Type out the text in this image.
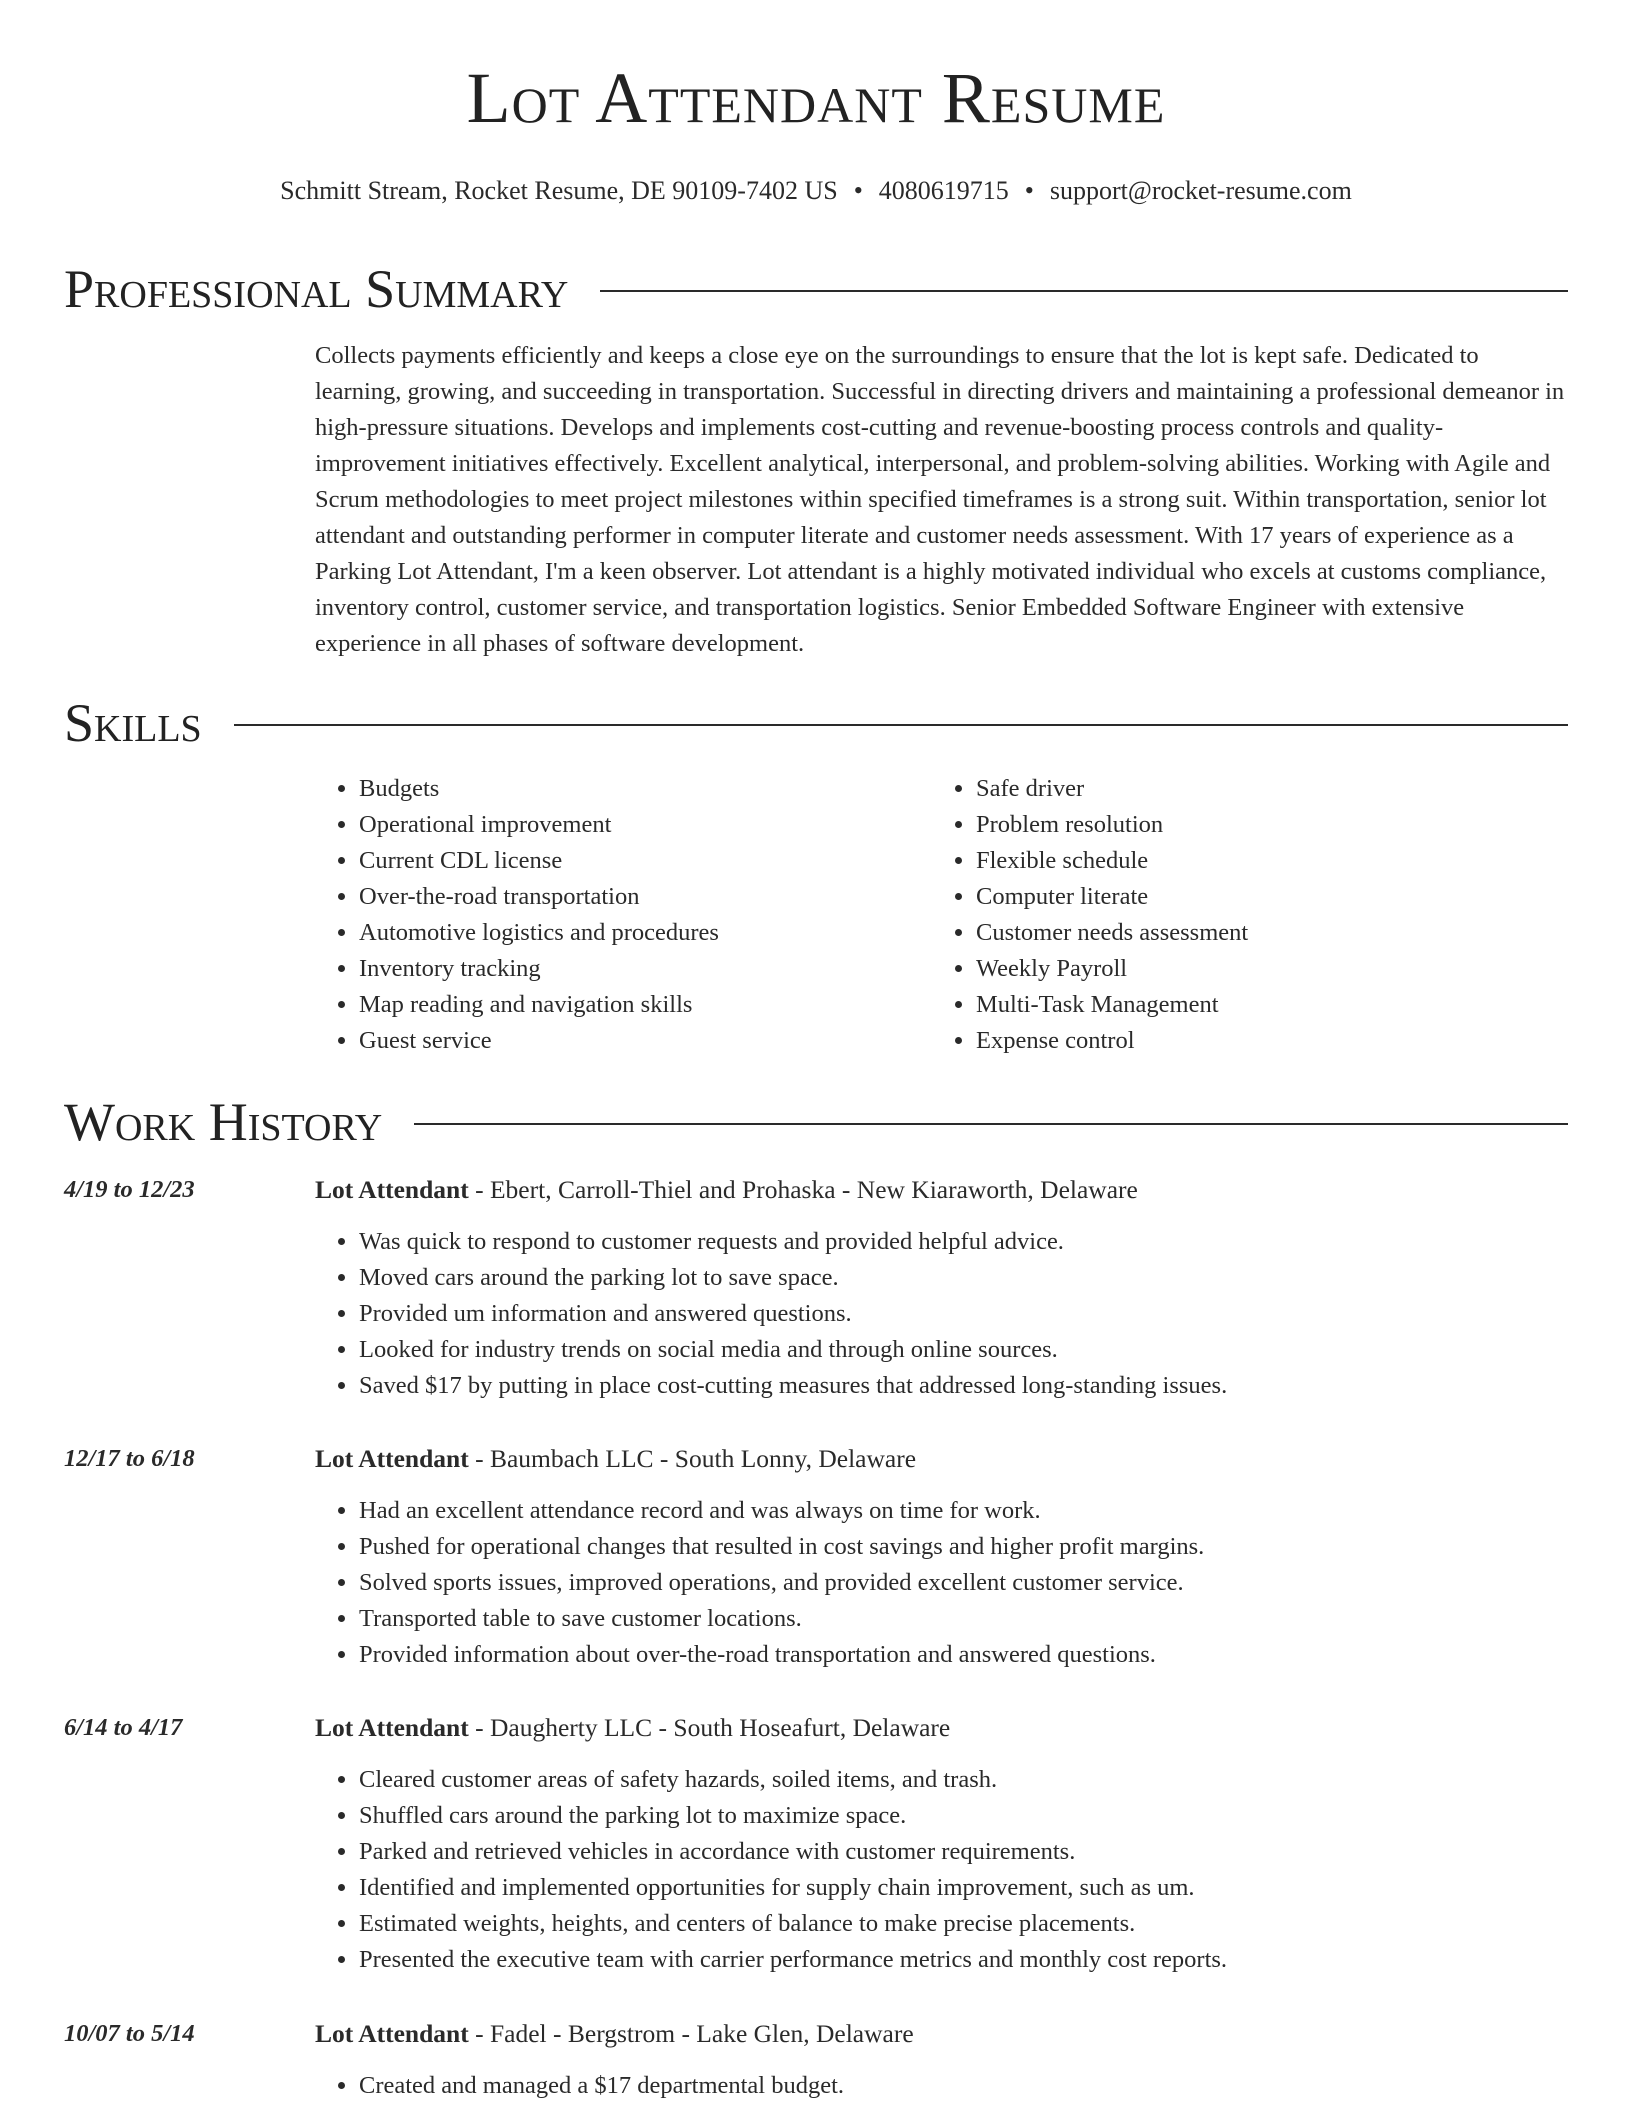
Lot Attendant Resume
Schmitt Stream, Rocket Resume, DE 90109-7402 US • 4080619715 • support@rocket-resume.com
Professional Summary

Collects payments efficiently and keeps a close eye on the surroundings to ensure that the lot is kept safe. Dedicated to learning, growing, and succeeding in transportation. Successful in directing drivers and maintaining a professional demeanor in high-pressure situations. Develops and implements cost-cutting and revenue-boosting process controls and quality-improvement initiatives effectively. Excellent analytical, interpersonal, and problem-solving abilities. Working with Agile and Scrum methodologies to meet project milestones within specified timeframes is a strong suit. Within transportation, senior lot attendant and outstanding performer in computer literate and customer needs assessment. With 17 years of experience as a Parking Lot Attendant, I'm a keen observer. Lot attendant is a highly motivated individual who excels at customs compliance, inventory control, customer service, and transportation logistics. Senior Embedded Software Engineer with extensive experience in all phases of software development.

Skills
• Budgets
• Operational improvement
• Current CDL license
• Over-the-road transportation
• Automotive logistics and procedures
• Inventory tracking
• Map reading and navigation skills
• Guest service
• Safe driver
• Problem resolution
• Flexible schedule
• Computer literate
• Customer needs assessment
• Weekly Payroll
• Multi-Task Management
• Expense control
Work History
4/19 to 12/23	Lot Attendant - Ebert, Carroll-Thiel and Prohaska - New Kiaraworth, Delaware
• Was quick to respond to customer requests and provided helpful advice.
• Moved cars around the parking lot to save space.
• Provided um information and answered questions.
• Looked for industry trends on social media and through online sources.
• Saved $17 by putting in place cost-cutting measures that addressed long-standing issues.
12/17 to 6/18	Lot Attendant - Baumbach LLC - South Lonny, Delaware
• Had an excellent attendance record and was always on time for work.
• Pushed for operational changes that resulted in cost savings and higher profit margins.
• Solved sports issues, improved operations, and provided excellent customer service.
• Transported table to save customer locations.
• Provided information about over-the-road transportation and answered questions.
6/14 to 4/17	Lot Attendant - Daugherty LLC - South Hoseafurt, Delaware
• Cleared customer areas of safety hazards, soiled items, and trash.
• Shuffled cars around the parking lot to maximize space.
• Parked and retrieved vehicles in accordance with customer requirements.
• Identified and implemented opportunities for supply chain improvement, such as um.
• Estimated weights, heights, and centers of balance to make precise placements.
• Presented the executive team with carrier performance metrics and monthly cost reports.
10/07 to 5/14	Lot Attendant - Fadel - Bergstrom - Lake Glen, Delaware
• Created and managed a $17 departmental budget.
